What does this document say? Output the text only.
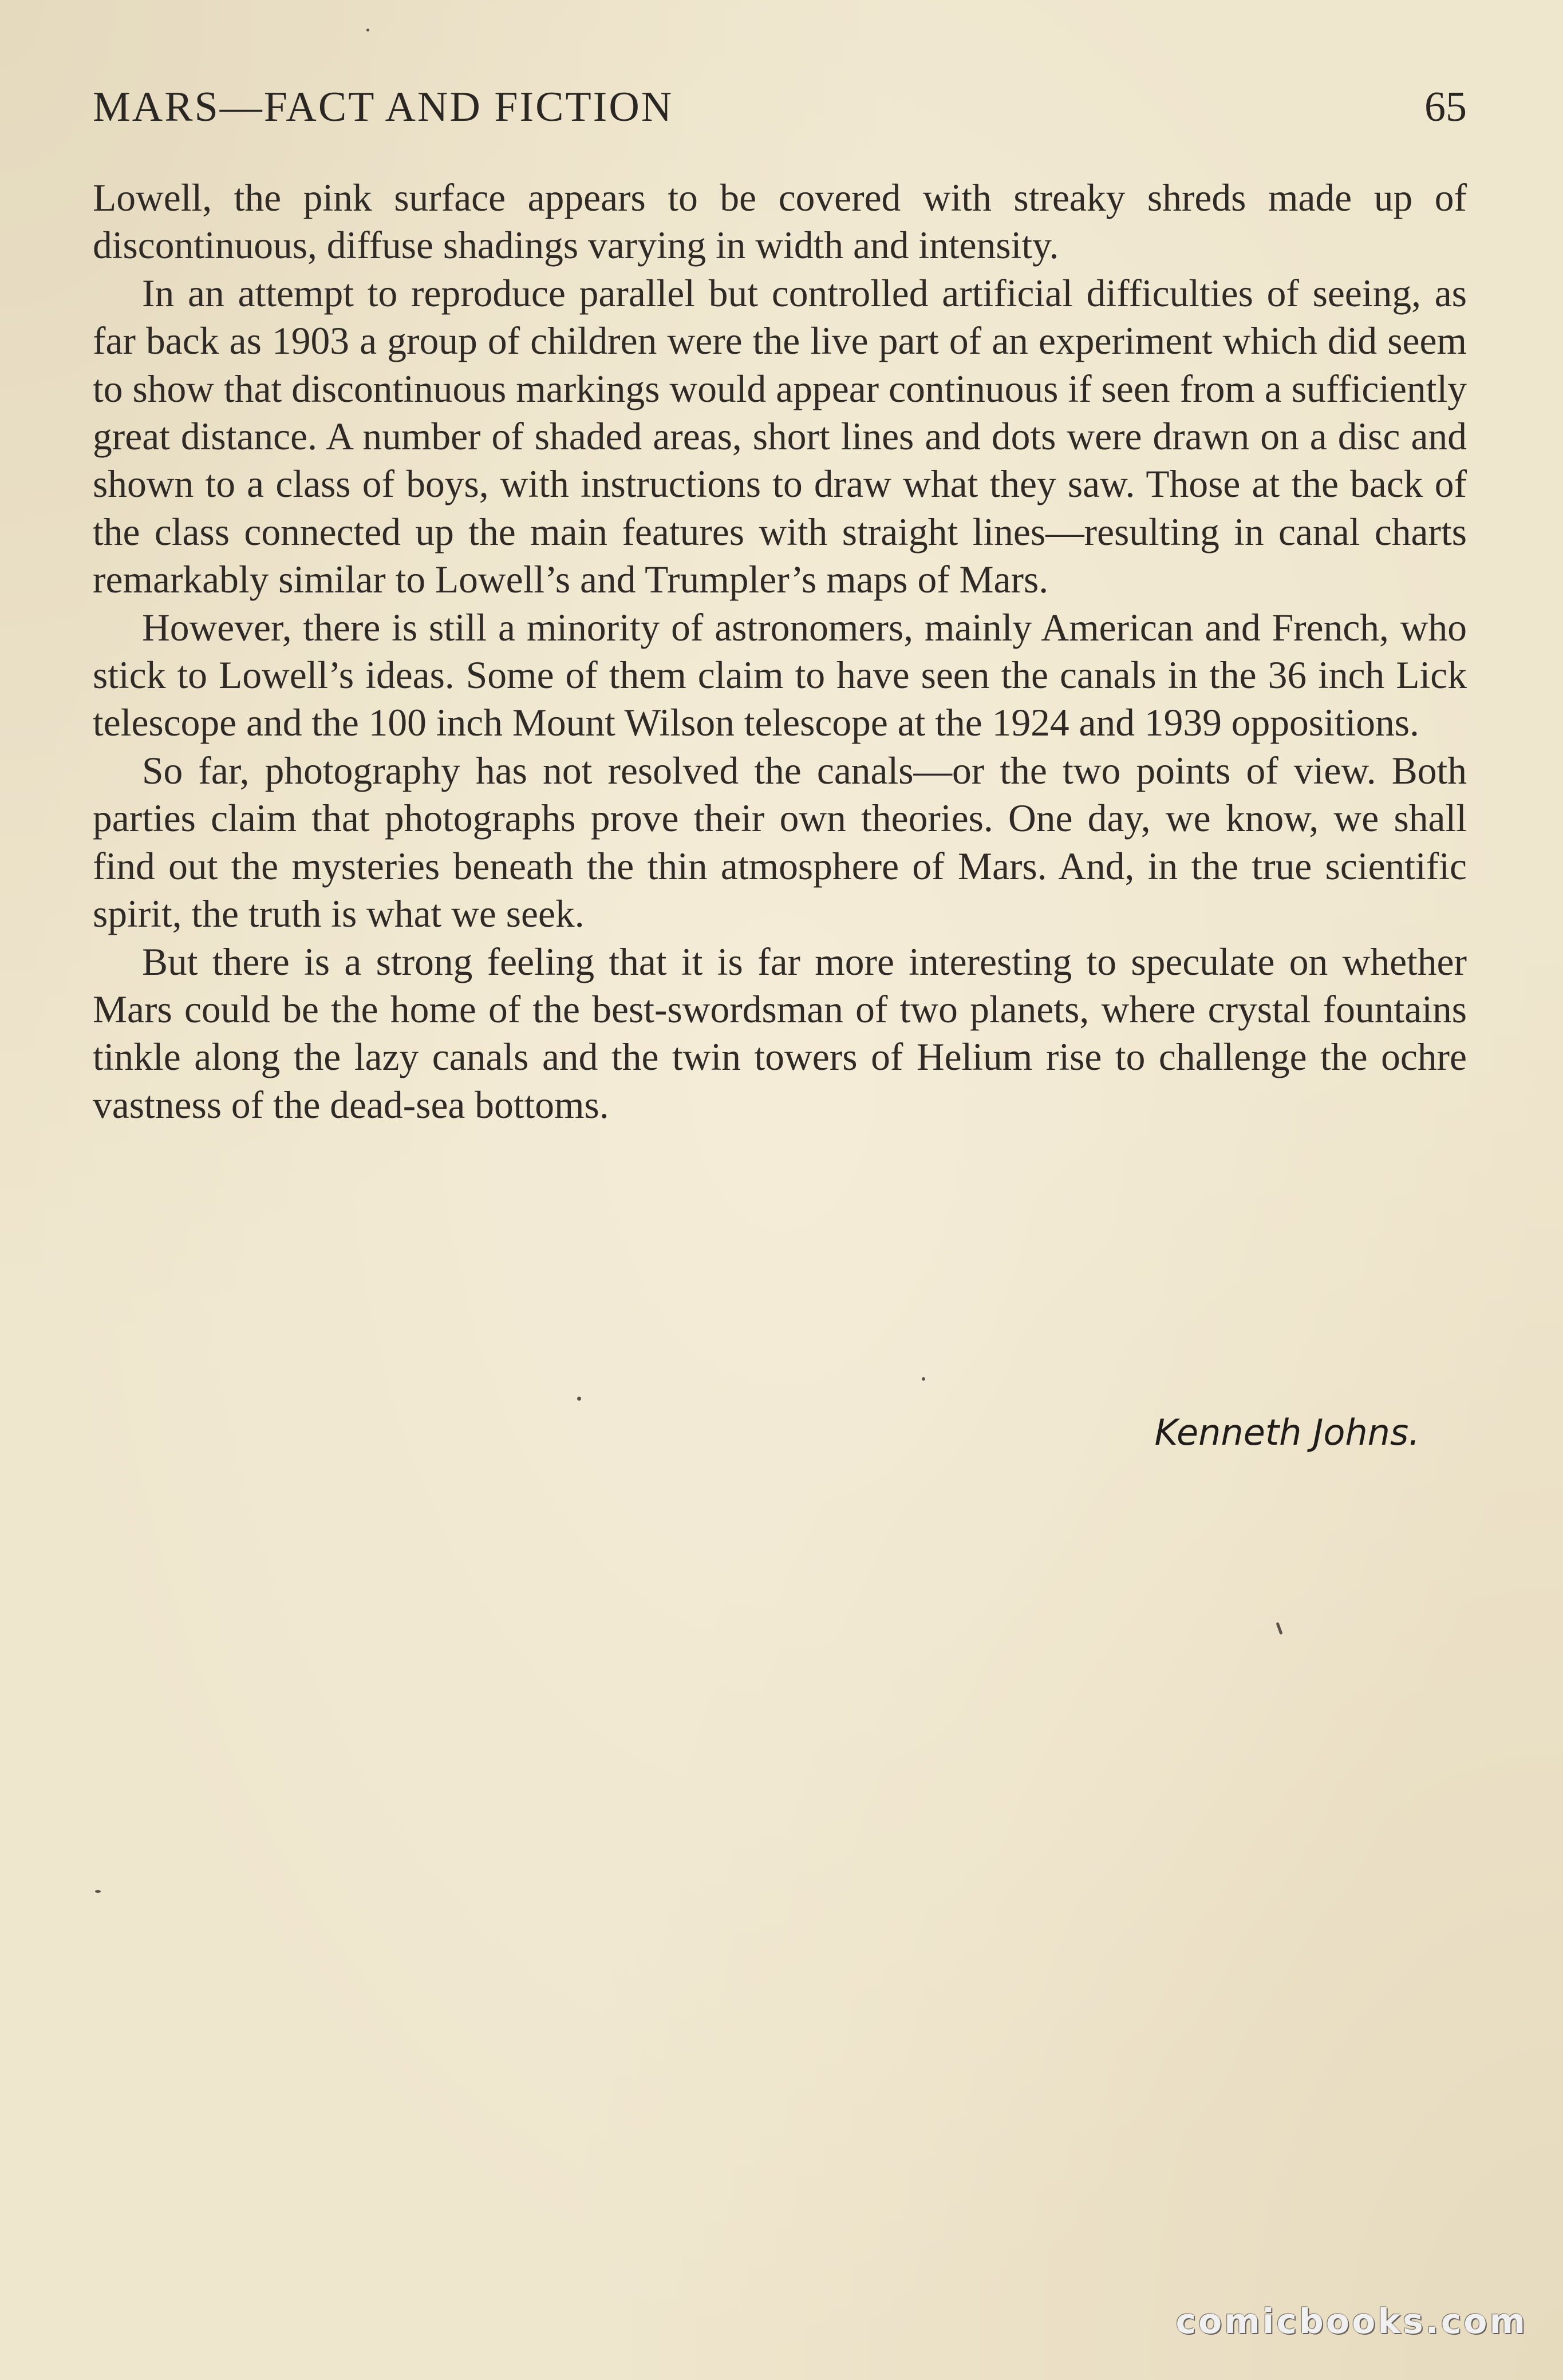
MARS—FACT AND FICTION	65

Lowell, the pink surface appears to be covered with streaky shreds made up of discontinuous, diffuse shadings varying in width and intensity.

In an attempt to reproduce parallel but controlled artificial difficulties of seeing, as far back as 1903 a group of children were the live part of an experiment which did seem to show that discontinuous markings would appear continuous if seen from a sufficiently great distance. A number of shaded areas, short lines and dots were drawn on a disc and shown to a class of boys, with instructions to draw what they saw. Those at the back of the class connected up the main features with straight lines—resulting in canal charts remarkably similar to Lowell’s and Trumpler’s maps of Mars.

However, there is still a minority of astronomers, mainly American and French, who stick to Lowell’s ideas. Some of them claim to have seen the canals in the 36 inch Lick telescope and the 100 inch Mount Wilson telescope at the 1924 and 1939 oppositions.

So far, photography has not resolved the canals—or the two points of view. Both parties claim that photographs prove their own theories. One day, we know, we shall find out the mysteries beneath the thin atmosphere of Mars. And, in the true scientific spirit, the truth is what we seek.

But there is a strong feeling that it is far more interesting to speculate on whether Mars could be the home of the best-swordsman of two planets, where crystal fountains tinkle along the lazy canals and the twin towers of Helium rise to challenge the ochre vastness of the dead-sea bottoms.

Kenneth Johns.
comicbooks.com
